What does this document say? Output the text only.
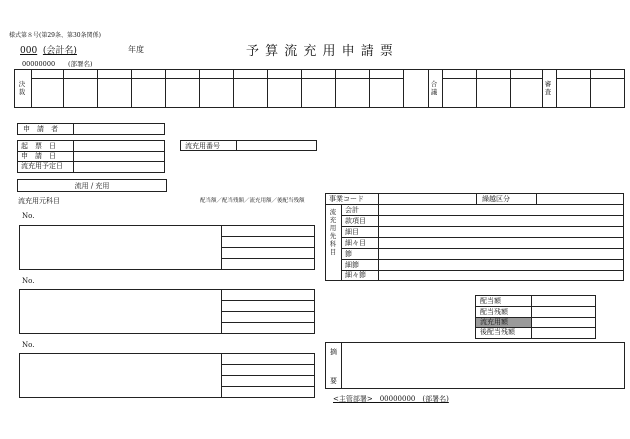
様式第８号(第29条、第30条関係)
000 (会計名)	年度	予 算 流 充 用 申 請 票
00000000 (部署名)
決裁
合議
審査
申　請　者
起　票　日
申　請　日
流充用予定日
流充用番号
流用 / 充用
流充用元科目	配当額／配当残額／流充用額／後配当残額
No.
No.
No.
事業コード	繰越区分
流充用先科目
会計
款項目
細目
細々目
節
細節
細々節
配当額
配当残額
流充用額
後配当残額
摘
要
<主管部署>　00000000　(部署名)
